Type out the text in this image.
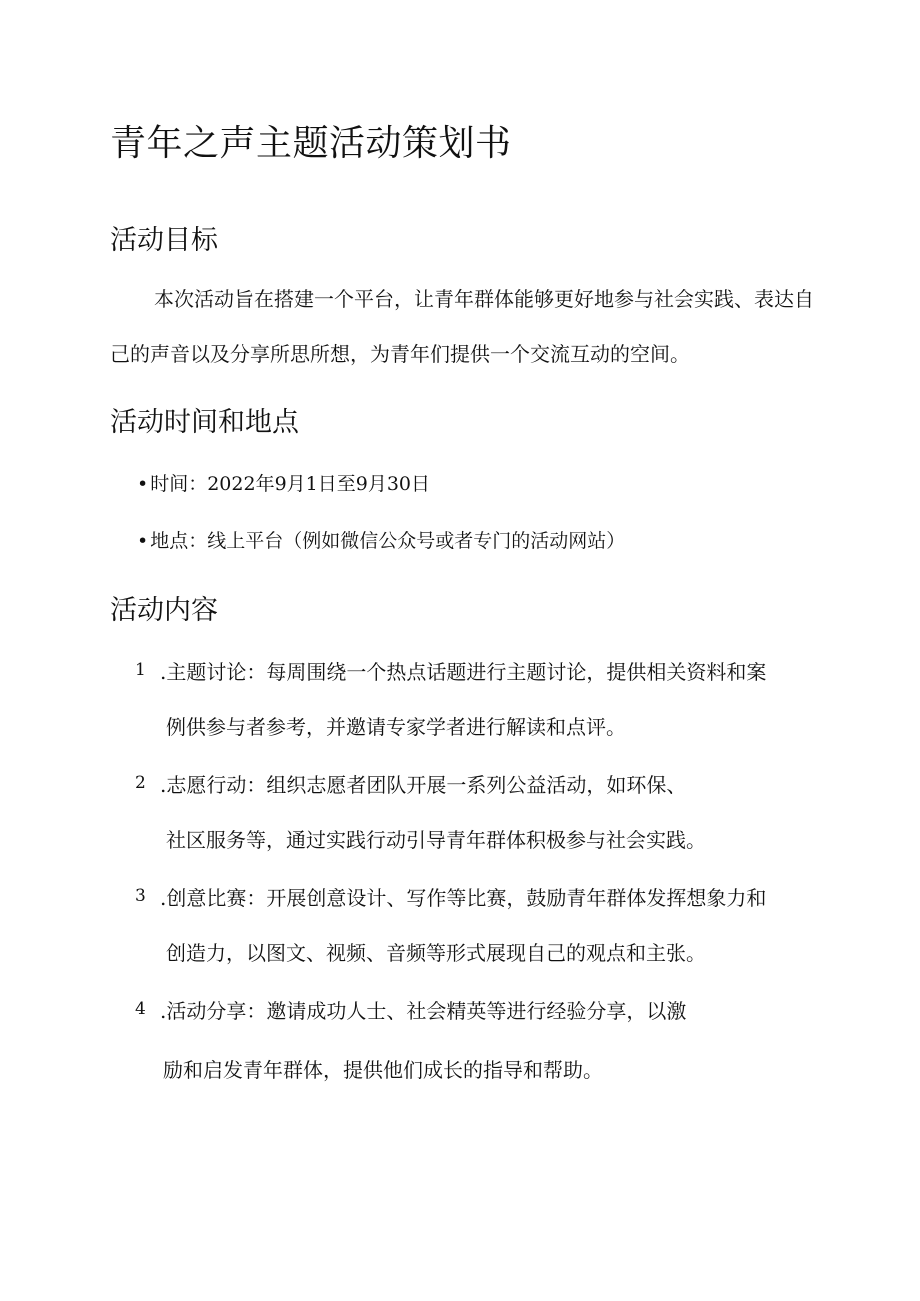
青年之声主题活动策划书
活动目标

本次活动旨在搭建一个平台，让青年群体能够更好地参与社会实践、表达自己的声音以及分享所思所想，为青年们提供一个交流互动的空间。

活动时间和地点

• 时间：2022年9月1日至9月30日

• 地点：线上平台（例如微信公众号或者专门的活动网站）

活动内容
1 .主题讨论：每周围绕一个热点话题进行主题讨论，提供相关资料和案

例供参与者参考，并邀请专家学者进行解读和点评。

2 .志愿行动：组织志愿者团队开展一系列公益活动，如环保、

社区服务等，通过实践行动引导青年群体积极参与社会实践。

3 .创意比赛：开展创意设计、写作等比赛，鼓励青年群体发挥想象力和

创造力，以图文、视频、音频等形式展现自己的观点和主张。

4 .活动分享：邀请成功人士、社会精英等进行经验分享，以激

励和启发青年群体，提供他们成长的指导和帮助。
